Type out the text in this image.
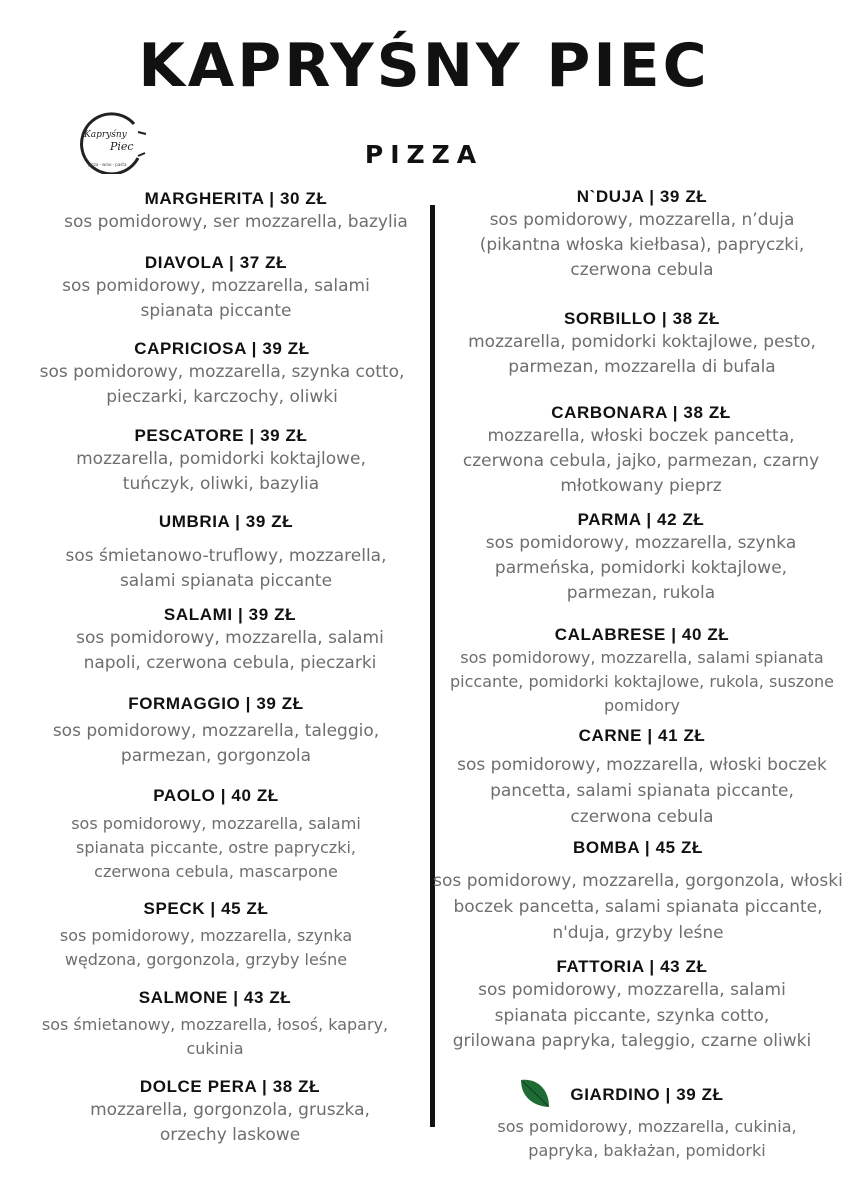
KAPRYŚNY PIEC
Kapryśny
Piec
pizza · wino · pasta	PIZZA
MARGHERITA | 30 ZŁ
sos pomidorowy, ser mozzarella, bazylia
DIAVOLA | 37 ZŁ
sos pomidorowy, mozzarella, salami spianata piccante
CAPRICIOSA | 39 ZŁ
sos pomidorowy, mozzarella, szynka cotto, pieczarki, karczochy, oliwki
PESCATORE | 39 ZŁ
mozzarella, pomidorki koktajlowe, tuńczyk, oliwki, bazylia
UMBRIA | 39 ZŁ
sos śmietanowo-truflowy, mozzarella, salami spianata piccante
SALAMI | 39 ZŁ
sos pomidorowy, mozzarella, salami napoli, czerwona cebula, pieczarki
FORMAGGIO | 39 ZŁ
sos pomidorowy, mozzarella, taleggio, parmezan, gorgonzola
PAOLO | 40 ZŁ
sos pomidorowy, mozzarella, salami spianata piccante, ostre papryczki, czerwona cebula, mascarpone
SPECK | 45 ZŁ
sos pomidorowy, mozzarella, szynka wędzona, gorgonzola, grzyby leśne
SALMONE | 43 ZŁ
sos śmietanowy, mozzarella, łosoś, kapary, cukinia
DOLCE PERA | 38 ZŁ
mozzarella, gorgonzola, gruszka, orzechy laskowe
N`DUJA | 39 ZŁ
sos pomidorowy, mozzarella, n’duja (pikantna włoska kiełbasa), papryczki, czerwona cebula
SORBILLO | 38 ZŁ
mozzarella, pomidorki koktajlowe, pesto, parmezan, mozzarella di bufala
CARBONARA | 38 ZŁ
mozzarella, włoski boczek pancetta, czerwona cebula, jajko, parmezan, czarny młotkowany pieprz
PARMA | 42 ZŁ
sos pomidorowy, mozzarella, szynka parmeńska, pomidorki koktajlowe, parmezan, rukola
CALABRESE | 40 ZŁ
sos pomidorowy, mozzarella, salami spianata piccante, pomidorki koktajlowe, rukola, suszone pomidory
CARNE | 41 ZŁ
sos pomidorowy, mozzarella, włoski boczek pancetta, salami spianata piccante, czerwona cebula
BOMBA | 45 ZŁ
sos pomidorowy, mozzarella, gorgonzola, włoski boczek pancetta, salami spianata piccante, n'duja, grzyby leśne
FATTORIA | 43 ZŁ
sos pomidorowy, mozzarella, salami spianata piccante, szynka cotto, grilowana papryka, taleggio, czarne oliwki
GIARDINO | 39 ZŁ
sos pomidorowy, mozzarella, cukinia, papryka, bakłażan, pomidorki
